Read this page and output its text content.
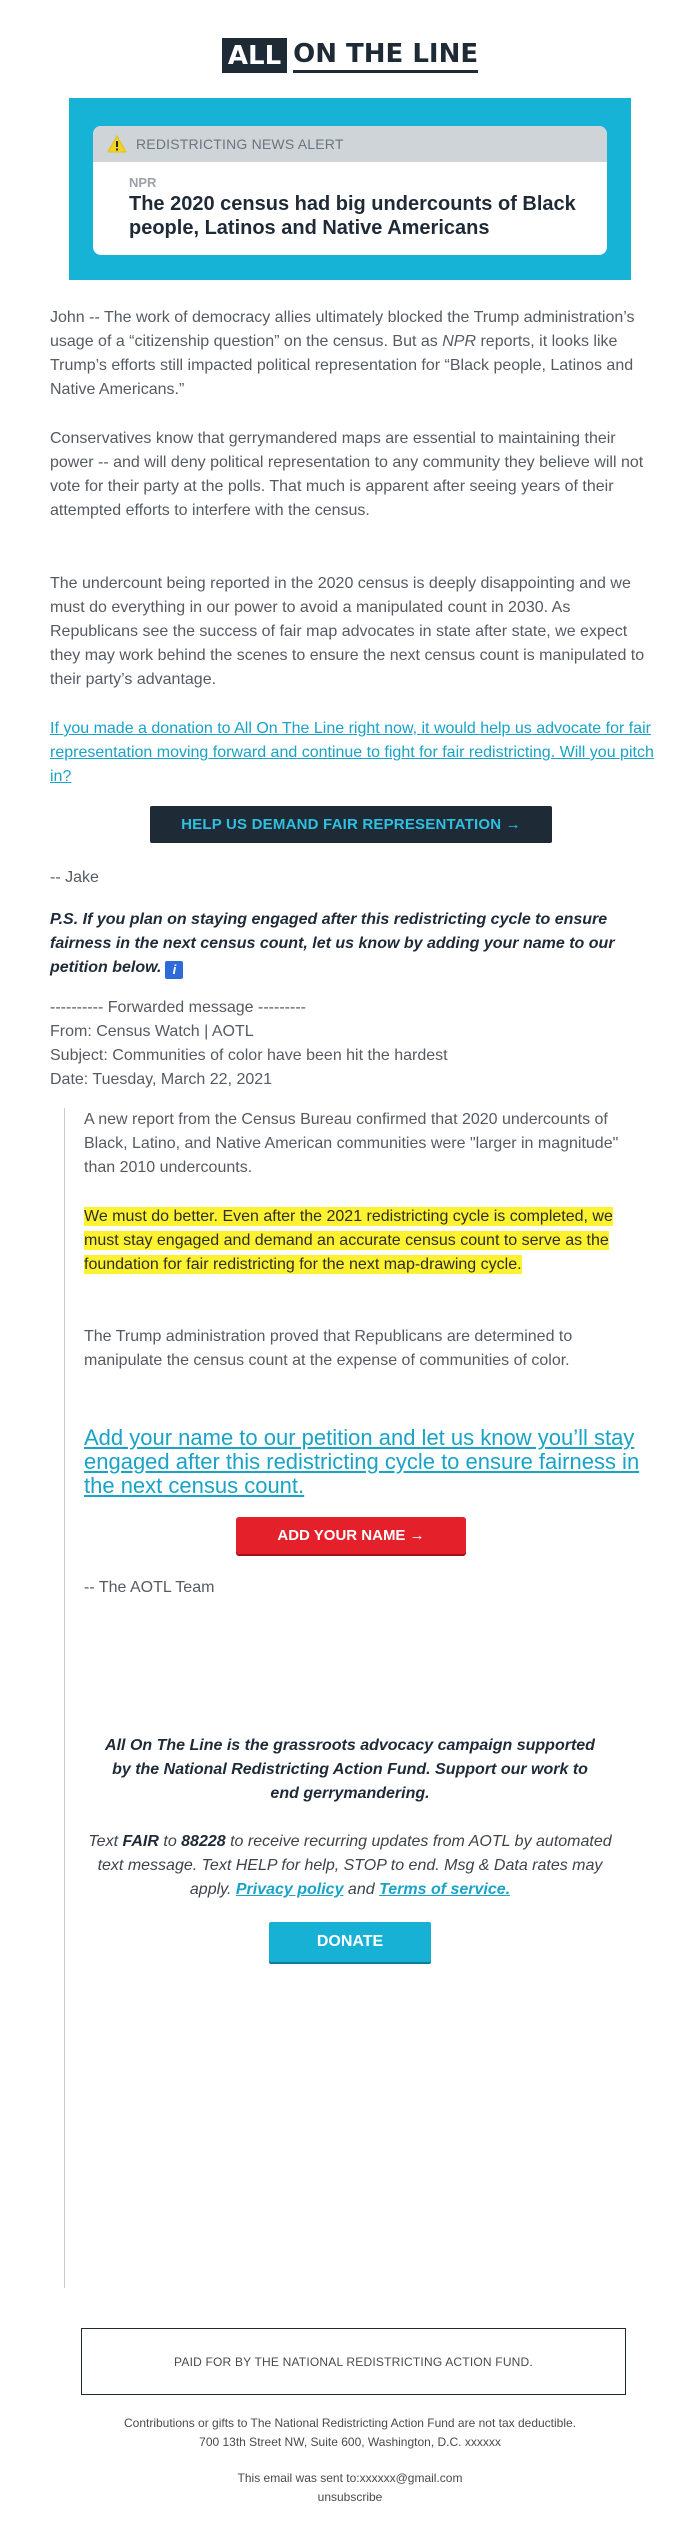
ALL ON THE LINE
REDISTRICTING NEWS ALERT
NPR
The 2020 census had big undercounts of Black people, Latinos and Native Americans

John -- The work of democracy allies ultimately blocked the Trump administration’s usage of a “citizenship question” on the census. But as NPR reports, it looks like Trump’s efforts still impacted political representation for “Black people, Latinos and Native Americans.”

Conservatives know that gerrymandered maps are essential to maintaining their power -- and will deny political representation to any community they believe will not vote for their party at the polls. That much is apparent after seeing years of their attempted efforts to interfere with the census.

The undercount being reported in the 2020 census is deeply disappointing and we must do everything in our power to avoid a manipulated count in 2030. As Republicans see the success of fair map advocates in state after state, we expect they may work behind the scenes to ensure the next census count is manipulated to their party’s advantage.

If you made a donation to All On The Line right now, it would help us advocate for fair representation moving forward and continue to fight for fair redistricting. Will you pitch in?

HELP US DEMAND FAIR REPRESENTATION →

-- Jake

P.S. If you plan on staying engaged after this redistricting cycle to ensure fairness in the next census count, let us know by adding your name to our petition below. i

---------- Forwarded message ---------
From: Census Watch | AOTL
Subject: Communities of color have been hit the hardest
Date: Tuesday, March 22, 2021

A new report from the Census Bureau confirmed that 2020 undercounts of Black, Latino, and Native American communities were "larger in magnitude" than 2010 undercounts.

We must do better. Even after the 2021 redistricting cycle is completed, we must stay engaged and demand an accurate census count to serve as the foundation for fair redistricting for the next map-drawing cycle.

The Trump administration proved that Republicans are determined to manipulate the census count at the expense of communities of color.

Add your name to our petition and let us know you’ll stay engaged after this redistricting cycle to ensure fairness in the next census count.

ADD YOUR NAME →

-- The AOTL Team

All On The Line is the grassroots advocacy campaign supported by the National Redistricting Action Fund. Support our work to end gerrymandering.

Text FAIR to 88228 to receive recurring updates from AOTL by automated text message. Text HELP for help, STOP to end. Msg & Data rates may apply. Privacy policy and Terms of service.

DONATE
PAID FOR BY THE NATIONAL REDISTRICTING ACTION FUND.

Contributions or gifts to The National Redistricting Action Fund are not tax deductible.

700 13th Street NW, Suite 600, Washington, D.C. xxxxxx

This email was sent to:xxxxxx@gmail.com

unsubscribe
